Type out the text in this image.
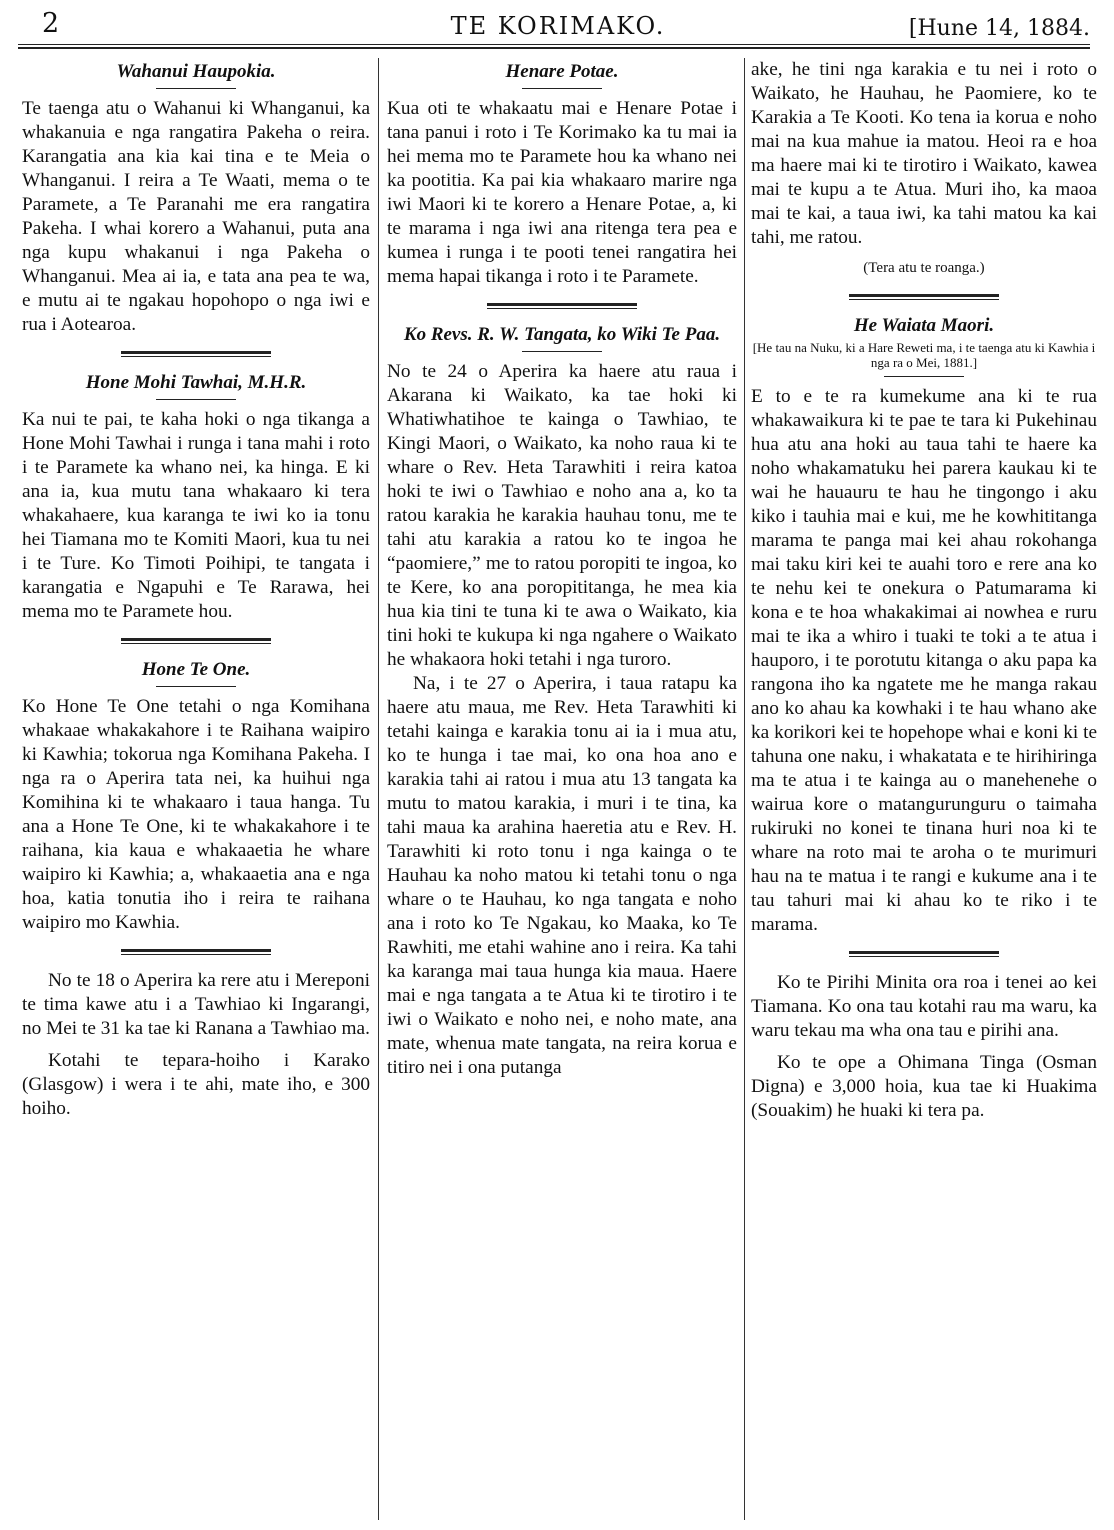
2	TE KORIMAKO.	[Hune 14, 1884.
Wahanui Haupokia.

Te taenga atu o Wahanui ki Whanganui, ka whakanuia e nga rangatira Pakeha o reira. Karangatia ana kia kai tina e te Meia o Whanganui. I reira a Te Waati, mema o te Paramete, a Te Paranahi me era rangatira Pakeha. I whai korero a Wahanui, puta ana nga kupu whakanui i nga Pakeha o Whanganui. Mea ai ia, e tata ana pea te wa, e mutu ai te ngakau hopohopo o nga iwi e rua i Aotearoa.

Hone Mohi Tawhai, M.H.R.

Ka nui te pai, te kaha hoki o nga tikanga a Hone Mohi Tawhai i runga i tana mahi i roto i te Paramete ka whano nei, ka hinga. E ki ana ia, kua mutu tana whakaaro ki tera whakahaere, kua karanga te iwi ko ia tonu hei Tiamana mo te Komiti Maori, kua tu nei i te Ture. Ko Timoti Poihipi, te tangata i karangatia e Ngapuhi e Te Rarawa, hei mema mo te Paramete hou.

Hone Te One.

Ko Hone Te One tetahi o nga Komihana whakaae whakakahore i te Raihana waipiro ki Kawhia; tokorua nga Komihana Pakeha. I nga ra o Aperira tata nei, ka huihui nga Komihina ki te whakaaro i taua hanga. Tu ana a Hone Te One, ki te whakakahore i te raihana, kia kaua e whakaaetia he whare waipiro ki Kawhia; a, whakaaetia ana e nga hoa, katia tonutia iho i reira te raihana waipiro mo Kawhia.

No te 18 o Aperira ka rere atu i Mereponi te tima kawe atu i a Tawhiao ki Ingarangi, no Mei te 31 ka tae ki Ranana a Tawhiao ma.

Kotahi te tepara-hoiho i Karako (Glasgow) i wera i te ahi, mate iho, e 300 hoiho.

Henare Potae.

Kua oti te whakaatu mai e Henare Potae i tana panui i roto i Te Korimako ka tu mai ia hei mema mo te Paramete hou ka whano nei ka pootitia. Ka pai kia whakaaro marire nga iwi Maori ki te korero a Henare Potae, a, ki te marama i nga iwi ana ritenga tera pea e kumea i runga i te pooti tenei rangatira hei mema hapai tikanga i roto i te Paramete.

Ko Revs. R. W. Tangata, ko Wiki Te Paa.

No te 24 o Aperira ka haere atu raua i Akarana ki Waikato, ka tae hoki ki Whatiwhatihoe te kainga o Tawhiao, te Kingi Maori, o Waikato, ka noho raua ki te whare o Rev. Heta Tarawhiti i reira katoa hoki te iwi o Tawhiao e noho ana a, ko ta ratou karakia he karakia hauhau tonu, me te tahi atu karakia a ratou ko te ingoa he “paomiere,” me to ratou poropiti te ingoa, ko te Kere, ko ana poropititanga, he mea kia hua kia tini te tuna ki te awa o Waikato, kia tini hoki te kukupa ki nga ngahere o Waikato he whakaora hoki tetahi i nga turoro.

Na, i te 27 o Aperira, i taua ratapu ka haere atu maua, me Rev. Heta Tarawhiti ki tetahi kainga e karakia tonu ai ia i mua atu, ko te hunga i tae mai, ko ona hoa ano e karakia tahi ai ratou i mua atu 13 tangata ka mutu to matou karakia, i muri i te tina, ka tahi maua ka arahina haeretia atu e Rev. H. Tarawhiti ki roto tonu i nga kainga o te Hauhau ka noho matou ki tetahi tonu o nga whare o te Hauhau, ko nga tangata e noho ana i roto ko Te Ngakau, ko Maaka, ko Te Rawhiti, me etahi wahine ano i reira. Ka tahi ka karanga mai taua hunga kia maua. Haere mai e nga tangata a te Atua ki te tirotiro i te iwi o Waikato e noho nei, e noho mate, ana mate, whenua mate tangata, na reira korua e titiro nei i ona putanga

ake, he tini nga karakia e tu nei i roto o Waikato, he Hauhau, he Paomiere, ko te Karakia a Te Kooti. Ko tena ia korua e noho mai na kua mahue ia matou. Heoi ra e hoa ma haere mai ki te tirotiro i Waikato, kawea mai te kupu a te Atua. Muri iho, ka maoa mai te kai, a taua iwi, ka tahi matou ka kai tahi, me ratou.

(Tera atu te roanga.)

He Waiata Maori.

[He tau na Nuku, ki a Hare Reweti ma, i te taenga atu ki Kawhia i nga ra o Mei, 1881.]

E to e te ra kumekume ana ki te rua whakawaikura ki te pae te tara ki Pukehinau hua atu ana hoki au taua tahi te haere ka noho whakamatuku hei parera kaukau ki te wai he hauauru te hau he tingongo i aku kiko i tauhia mai e kui, me he kowhititanga marama te panga mai kei ahau rokohanga mai taku kiri kei te auahi toro e rere ana ko te nehu kei te onekura o Patumarama ki kona e te hoa whakakimai ai nowhea e ruru mai te ika a whiro i tuaki te toki a te atua i hauporo, i te porotutu kitanga o aku papa ka rangona iho ka ngatete me he manga rakau ano ko ahau ka kowhaki i te hau whano ake ka korikori kei te hopehope whai e koni ki te tahuna one naku, i whakatata e te hirihiringa ma te atua i te kainga au o manehenehe o wairua kore o matangurunguru o taimaha rukiruki no konei te tinana huri noa ki te whare na roto mai te aroha o te murimuri hau na te matua i te rangi e kukume ana i te tau tahuri mai ki ahau ko te riko i te marama.

Ko te Pirihi Minita ora roa i tenei ao kei Tiamana. Ko ona tau kotahi rau ma waru, ka waru tekau ma wha ona tau e pirihi ana.

Ko te ope a Ohimana Tinga (Osman Digna) e 3,000 hoia, kua tae ki Huakima (Souakim) he huaki ki tera pa.
